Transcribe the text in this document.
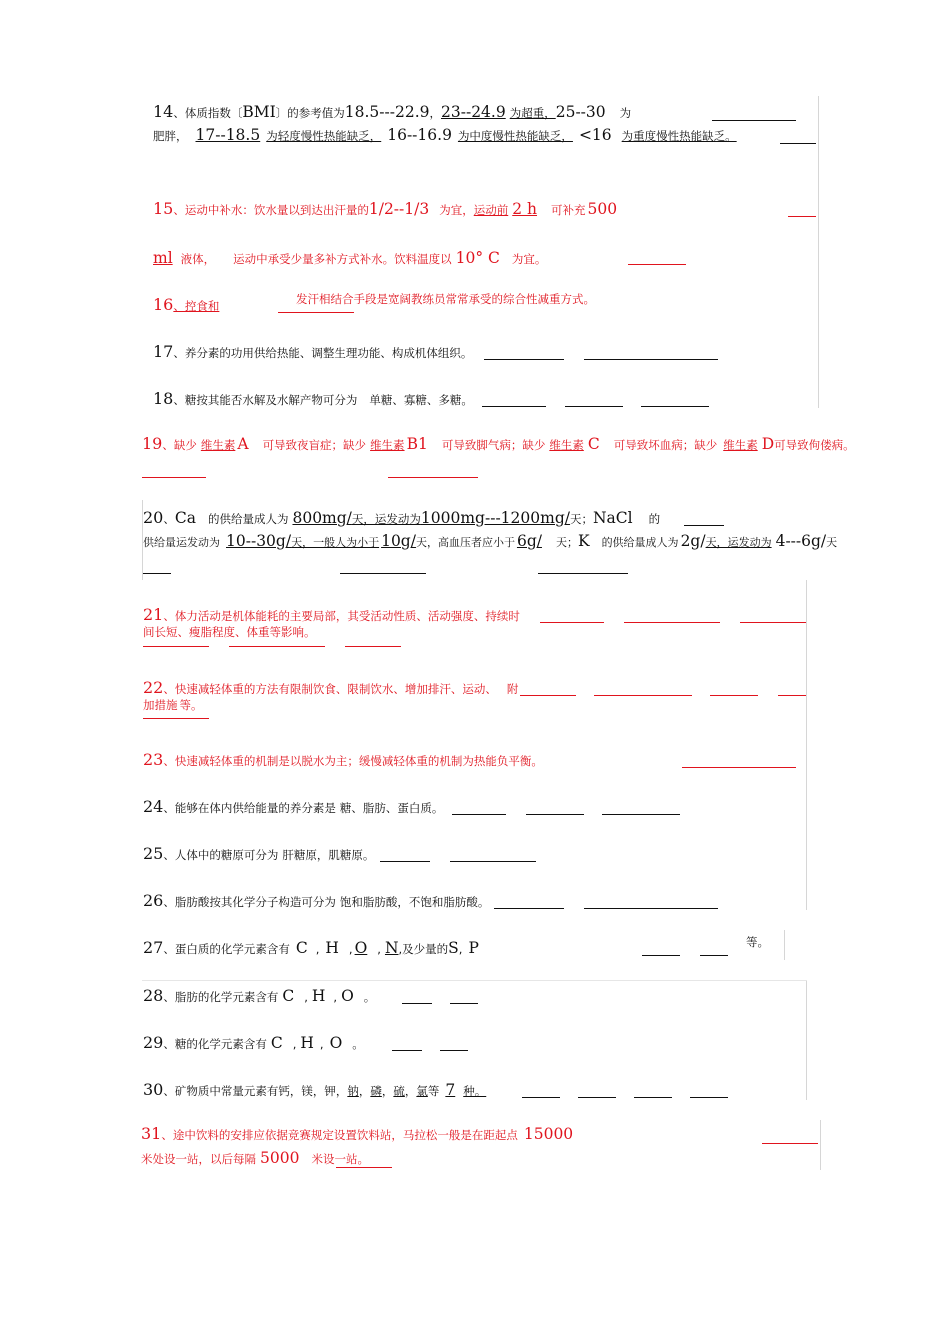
14、体质指数〔BMI〕的参考值为18.5---22.9，23--24.9 为超重，25--30 为
肥胖， 17--18.5 为轻度慢性热能缺乏， 16--16.9 为中度慢性热能缺乏， <16 为重度慢性热能缺乏。
15、运动中补水：饮水量以到达出汗量的1/2--1/3 为宜，运动前 2 h 可补充 500
ml 液体， 运动中承受少量多补方式补水。饮料温度以 10° C 为宜。
16、控食和	发汗相结合手段是宽阔教练员常常承受的综合性减重方式。
17、养分素的功用供给热能、调整生理功能、构成机体组织。
18、糖按其能否水解及水解产物可分为 单糖、寡糖、多糖。
19、缺少 维生素 A 可导致夜盲症；缺少 维生素 B1 可导致脚气病；缺少 维生素 C 可导致坏血病；缺少 维生素 D可导致佝偻病。
20、Ca 的供给量成人为 800mg/天，运发动为1000mg---1200mg/天；NaCl 的
供给量运发动为 10--30g/天，一般人为小于 10g/天，高血压者应小于 6g/ 天；K 的供给量成人为 2g/天，运发动为 4---6g/天
21、体力活动是机体能耗的主要局部，其受活动性质、活动强度、持续时
间长短、瘦脂程度、体重等影响。
22、快速减轻体重的方法有限制饮食、限制饮水、增加排汗、运动、 附
加措施 等。
23、快速减轻体重的机制是以脱水为主；缓慢减轻体重的机制为热能负平衡。
24、能够在体内供给能量的养分素是 糖、脂肪、蛋白质。
25、人体中的糖原可分为 肝糖原，肌糖原。
26、脂肪酸按其化学分子构造可分为 饱和脂肪酸，不饱和脂肪酸。
27、蛋白质的化学元素含有 C , H , O , N,及少量的S, P	等。
28、脂肪的化学元素含有 C , H , O 。
29、糖的化学元素含有 C , H , O 。
30、矿物质中常量元素有钙，镁，钾，钠，磷，硫，氯等 7 种。
31、途中饮料的安排应依据竞赛规定设置饮料站，马拉松一般是在距起点 15000
米处设一站，以后每隔 5000 米设一站。
